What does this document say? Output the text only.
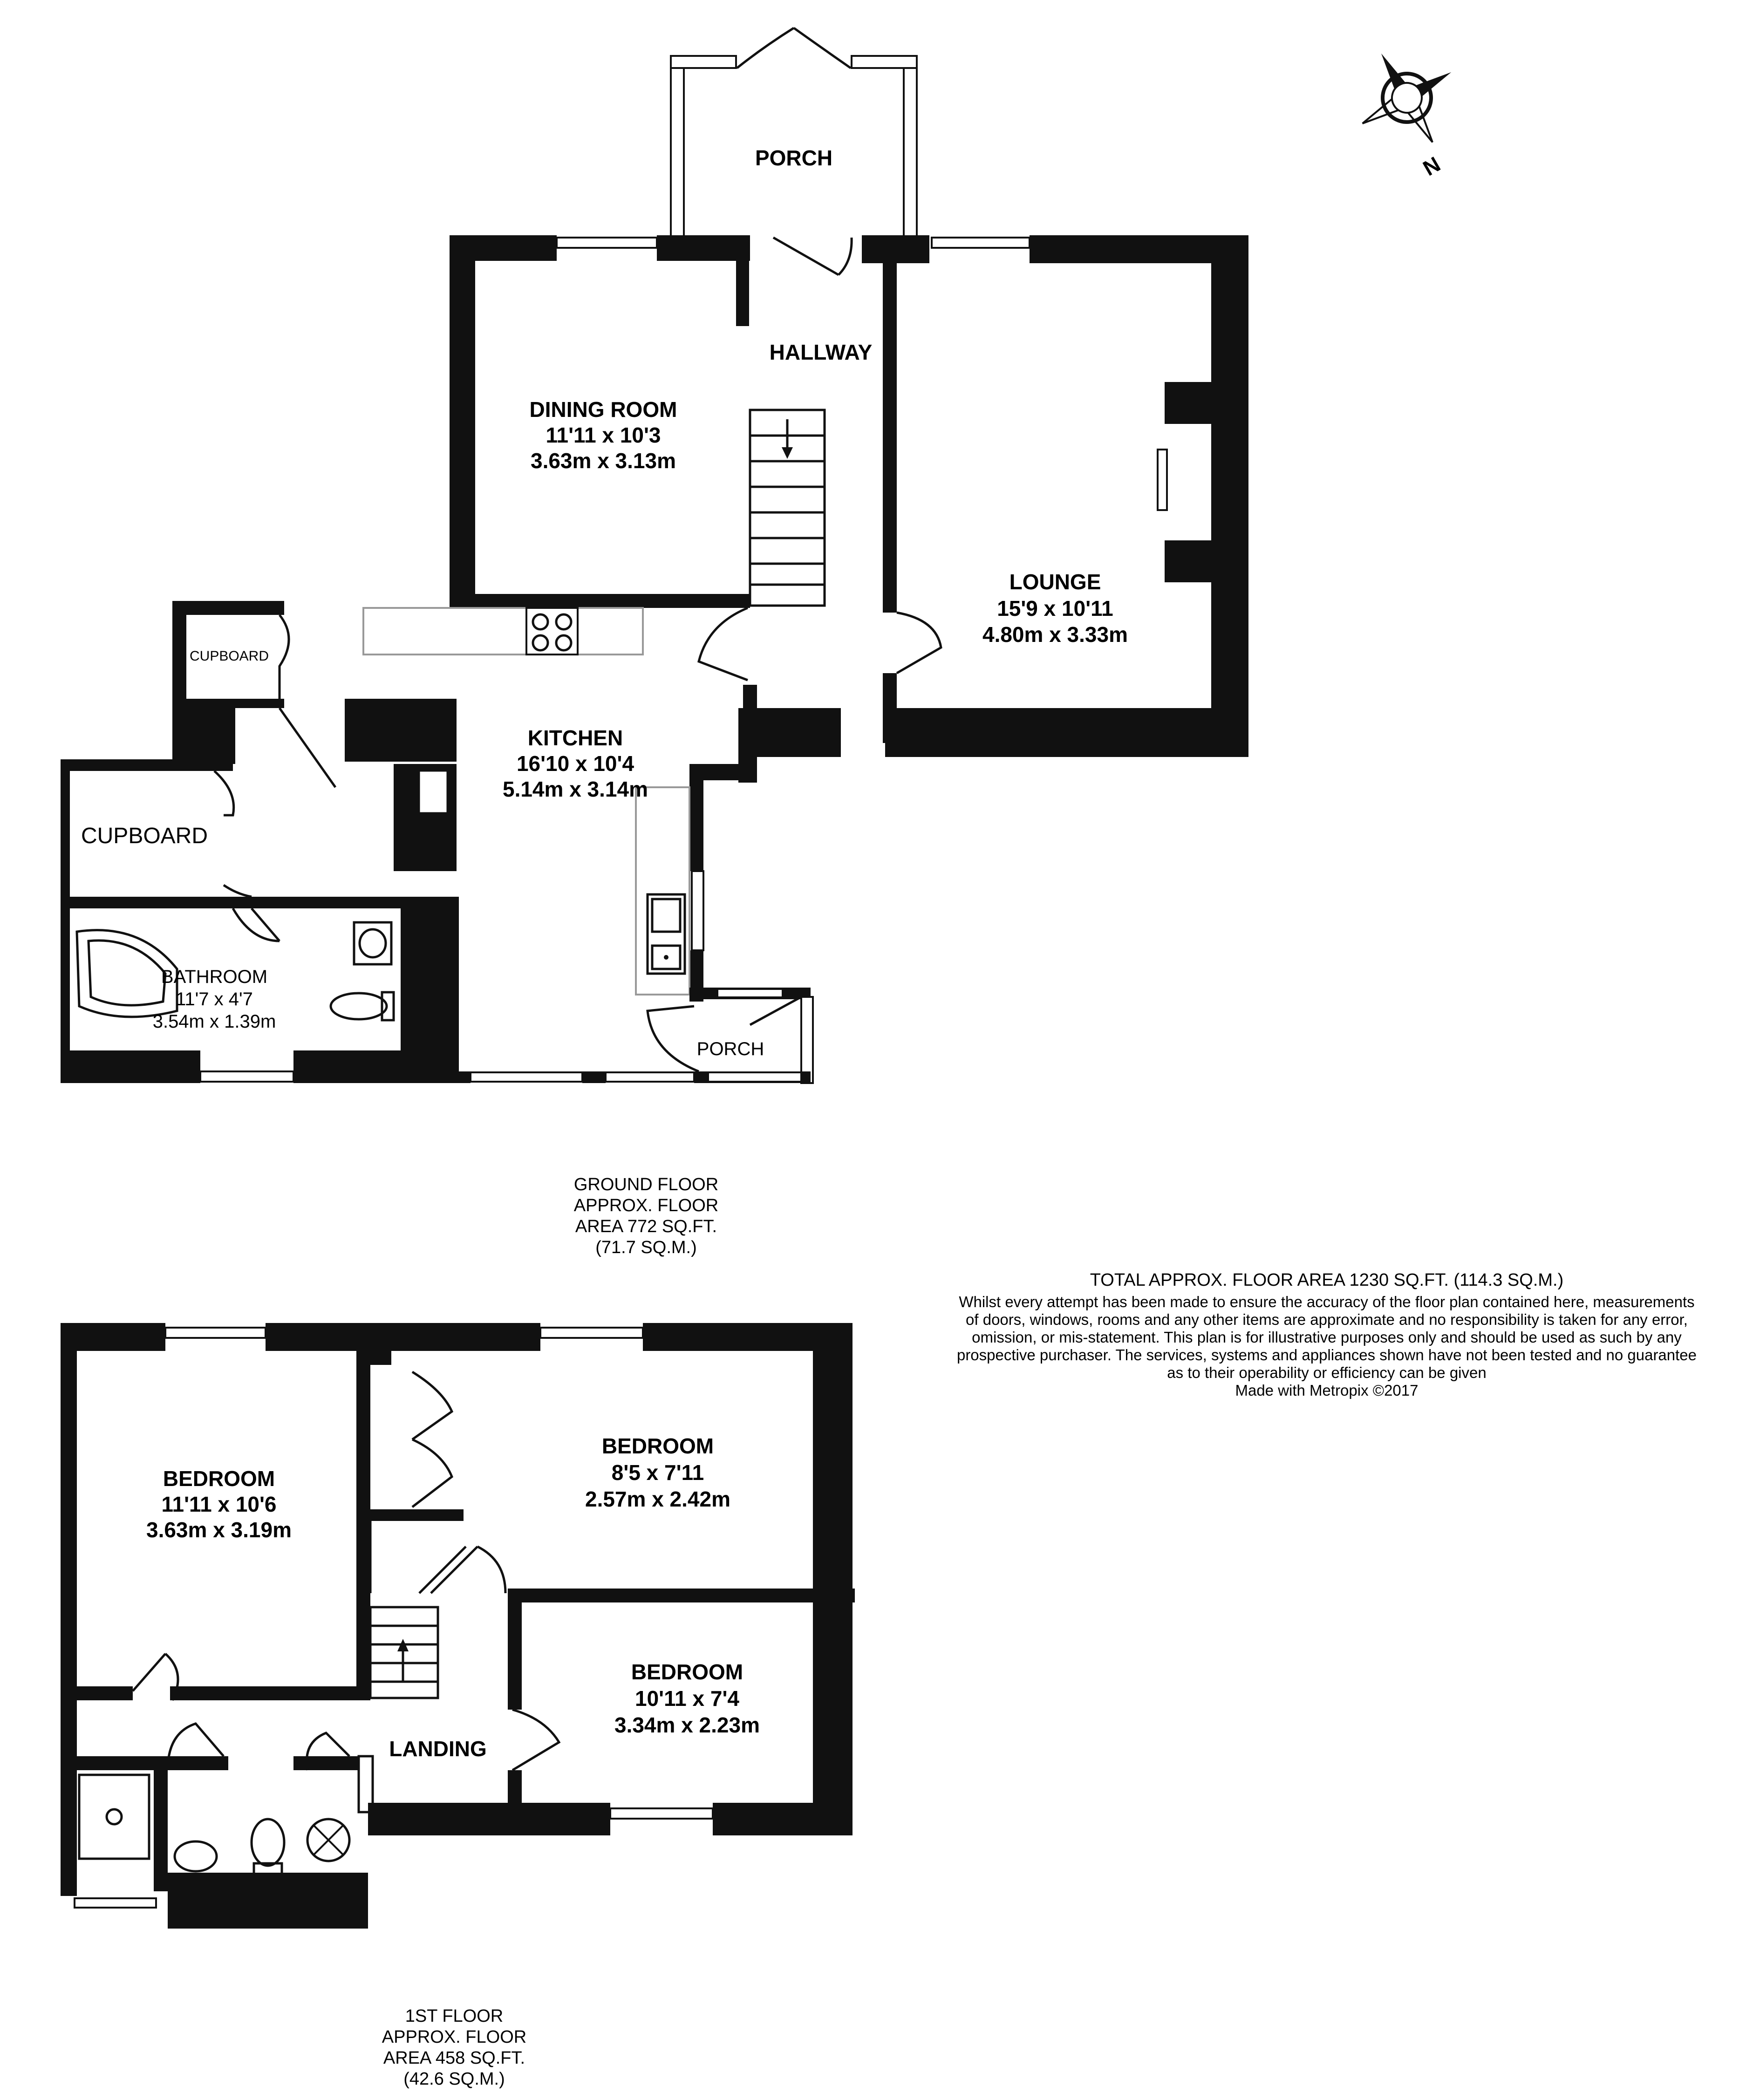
N
PORCH
HALLWAY
DINING ROOM
11'11 x 10'3
3.63m x 3.13m
LOUNGE
15'9 x 10'11
4.80m x 3.33m
KITCHEN
16'10 x 10'4
5.14m x 3.14m
CUPBOARD
CUPBOARD
BATHROOM
11'7 x 4'7
3.54m x 1.39m
PORCH
GROUND FLOOR
APPROX. FLOOR
AREA 772 SQ.FT.
(71.7 SQ.M.)
TOTAL APPROX. FLOOR AREA 1230 SQ.FT. (114.3 SQ.M.)
Whilst every attempt has been made to ensure the accuracy of the floor plan contained here, measurements
of doors, windows, rooms and any other items are approximate and no responsibility is taken for any error,
omission, or mis-statement. This plan is for illustrative purposes only and should be used as such by any
prospective purchaser. The services, systems and appliances shown have not been tested and no guarantee
as to their operability or efficiency can be given
Made with Metropix ©2017
BEDROOM
11'11 x 10'6
3.63m x 3.19m
BEDROOM
8'5 x 7'11
2.57m x 2.42m
BEDROOM
10'11 x 7'4
3.34m x 2.23m
LANDING
1ST FLOOR
APPROX. FLOOR
AREA 458 SQ.FT.
(42.6 SQ.M.)
